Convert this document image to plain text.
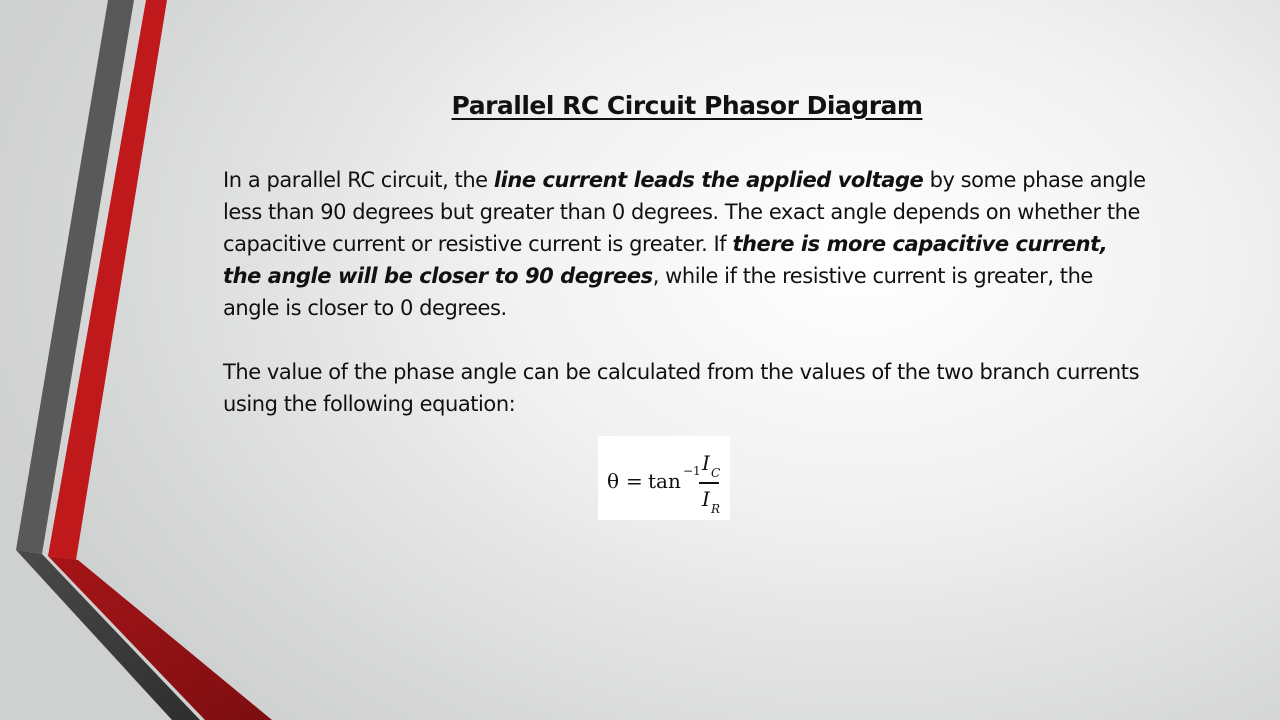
Parallel RC Circuit Phasor Diagram

In a parallel RC circuit, the line current leads the applied voltage by some phase angle less than 90 degrees but greater than 0 degrees. The exact angle depends on whether the capacitive current or resistive current is greater. If there is more capacitive current, the angle will be closer to 90 degrees, while if the resistive current is greater, the angle is closer to 0 degrees.

The value of the phase angle can be calculated from the values of the two branch currents using the following equation:

θ = tan −1 I C
I R
